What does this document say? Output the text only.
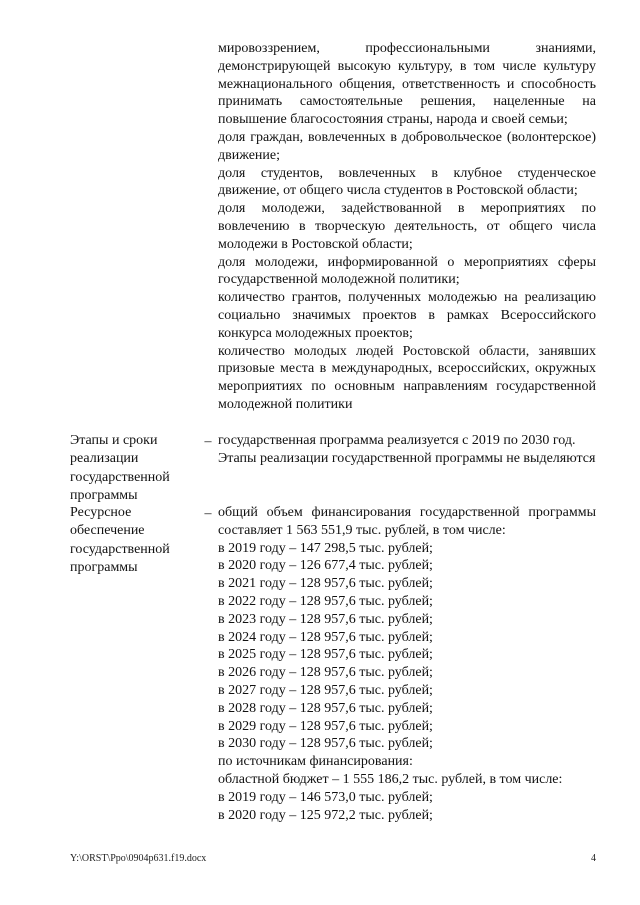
мировоззрением, профессиональными знаниями, демонстрирующей высокую культуру, в том числе культуру межнационального общения, ответственность и способность принимать самостоятельные решения, нацеленные на повышение благосостояния страны, народа и своей семьи;

доля граждан, вовлеченных в добровольческое (волонтерское) движение;

доля студентов, вовлеченных в клубное студенческое движение, от общего числа студентов в Ростовской области;

доля молодежи, задействованной в мероприятиях по вовлечению в творческую деятельность, от общего числа молодежи в Ростовской области;

доля молодежи, информированной о мероприятиях сферы государственной молодежной политики;

количество грантов, полученных молодежью на реализацию социально значимых проектов в рамках Всероссийского конкурса молодежных проектов;

количество молодых людей Ростовской области, занявших призовые места в международных, всероссийских, окружных мероприятиях по основным направлениям государственной молодежной политики

Этапы и сроки реализации государственной программы

– государственная программа реализуется с 2019 по 2030 год.

Этапы реализации государственной программы не выделяются

Ресурсное обеспечение государственной программы

– общий объем финансирования государственной программы составляет 1 563 551,9 тыс. рублей, в том числе:

в 2019 году – 147 298,5 тыс. рублей;

в 2020 году – 126 677,4 тыс. рублей;

в 2021 году – 128 957,6 тыс. рублей;

в 2022 году – 128 957,6 тыс. рублей;

в 2023 году – 128 957,6 тыс. рублей;

в 2024 году – 128 957,6 тыс. рублей;

в 2025 году – 128 957,6 тыс. рублей;

в 2026 году – 128 957,6 тыс. рублей;

в 2027 году – 128 957,6 тыс. рублей;

в 2028 году – 128 957,6 тыс. рублей;

в 2029 году – 128 957,6 тыс. рублей;

в 2030 году – 128 957,6 тыс. рублей;

по источникам финансирования:

областной бюджет – 1 555 186,2 тыс. рублей, в том числе:

в 2019 году – 146 573,0 тыс. рублей;

в 2020 году – 125 972,2 тыс. рублей;

Y:\ORST\Ppo\0904p631.f19.docx	4
